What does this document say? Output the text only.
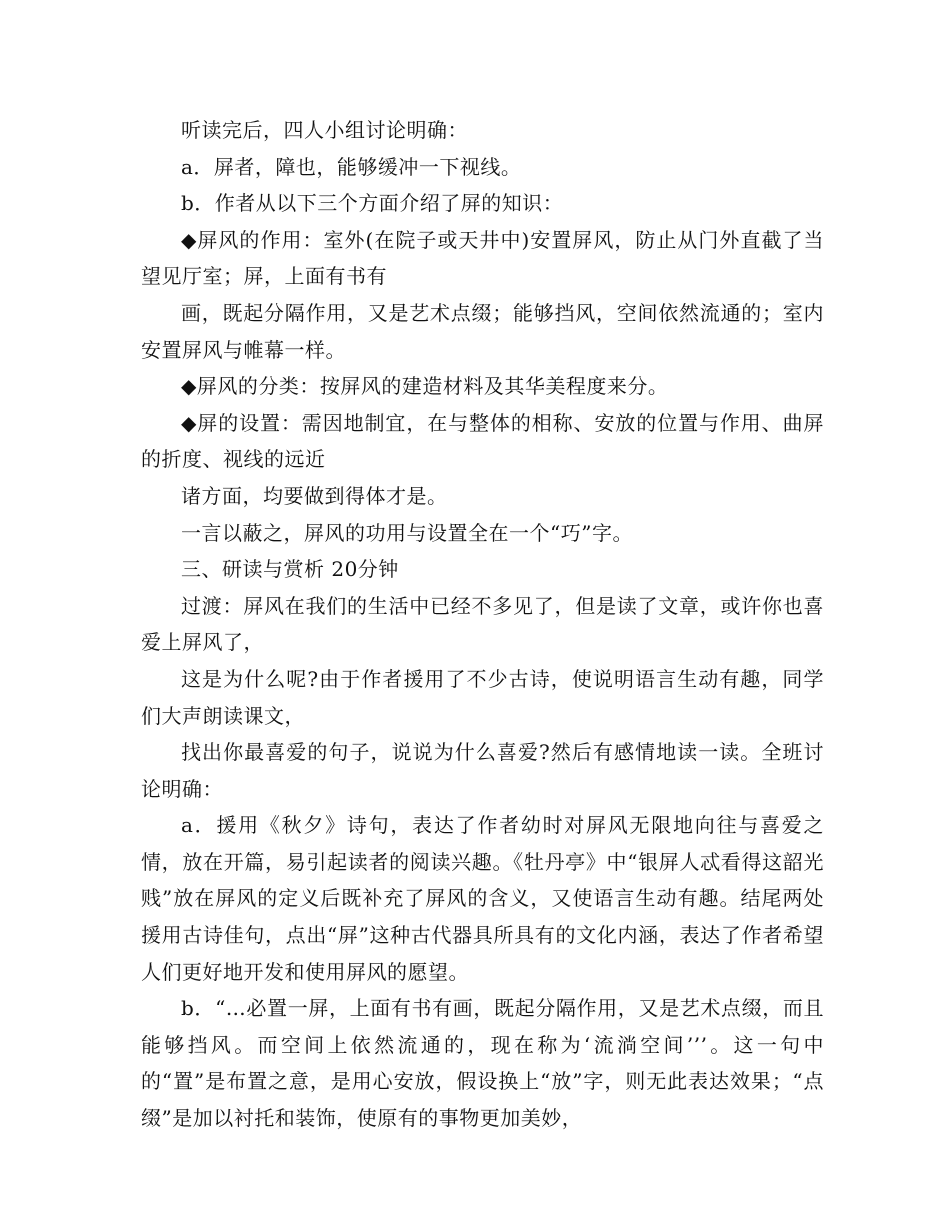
听读完后，四人小组讨论明确：

a．屏者，障也，能够缓冲一下视线。

b．作者从以下三个方面介绍了屏的知识：

◆屏风的作用：室外(在院子或天井中)安置屏风，防止从门外直截了当望见厅室；屏，上面有书有

画，既起分隔作用，又是艺术点缀；能够挡风，空间依然流通的；室内安置屏风与帷幕一样。

◆屏风的分类：按屏风的建造材料及其华美程度来分。

◆屏的设置：需因地制宜，在与整体的相称、安放的位置与作用、曲屏的折度、视线的远近

诸方面，均要做到得体才是。

一言以蔽之，屏风的功用与设置全在一个“巧”字。

三、研读与赏析 20分钟

过渡：屏风在我们的生活中已经不多见了，但是读了文章，或许你也喜爱上屏风了，

这是为什么呢?由于作者援用了不少古诗，使说明语言生动有趣，同学们大声朗读课文，

找出你最喜爱的句子，说说为什么喜爱?然后有感情地读一读。全班讨论明确：

a．援用《秋夕》诗句，表达了作者幼时对屏风无限地向往与喜爱之情，放在开篇，易引起读者的阅读兴趣。《牡丹亭》中“银屏人忒看得这韶光贱”放在屏风的定义后既补充了屏风的含义，又使语言生动有趣。结尾两处援用古诗佳句，点出“屏”这种古代器具所具有的文化内涵，表达了作者希望人们更好地开发和使用屏风的愿望。

b．“…必置一屏，上面有书有画，既起分隔作用，又是艺术点缀，而且能够挡风。而空间上依然流通的，现在称为‘流淌空间’’’。这一句中的“置”是布置之意，是用心安放，假设换上“放”字，则无此表达效果；“点缀”是加以衬托和装饰，使原有的事物更加美妙，
